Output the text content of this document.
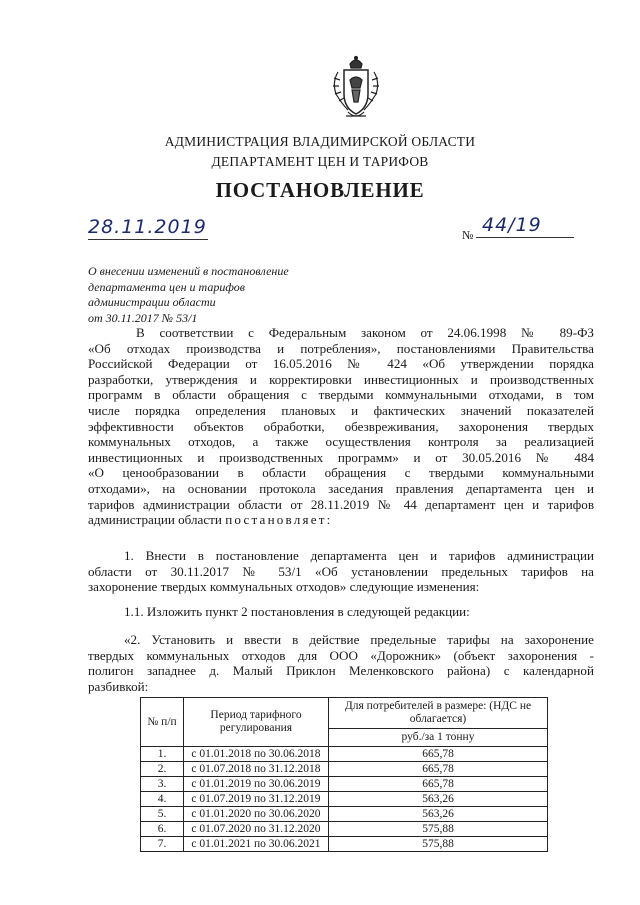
АДМИНИСТРАЦИЯ ВЛАДИМИРСКОЙ ОБЛАСТИ
ДЕПАРТАМЕНТ ЦЕН И ТАРИФОВ
ПОСТАНОВЛЕНИЕ
28.11.2019	№ 44/19
О внесении изменений в постановление
департамента цен и тарифов
администрации области
от 30.11.2017 № 53/1
В соответствии с Федеральным законом от 24.06.1998 № 89-ФЗ
«Об отходах производства и потребления», постановлениями Правительства
Российской Федерации от 16.05.2016 № 424 «Об утверждении порядка
разработки, утверждения и корректировки инвестиционных и производственных
программ в области обращения с твердыми коммунальными отходами, в том
числе порядка определения плановых и фактических значений показателей
эффективности объектов обработки, обезвреживания, захоронения твердых
коммунальных отходов, а также осуществления контроля за реализацией
инвестиционных и производственных программ» и от 30.05.2016 № 484
«О ценообразовании в области обращения с твердыми коммунальными
отходами», на основании протокола заседания правления департамента цен и
тарифов администрации области от 28.11.2019 № 44 департамент цен и тарифов
администрации области постановляет:
1. Внести в постановление департамента цен и тарифов администрации
области от 30.11.2017 № 53/1 «Об установлении предельных тарифов на
захоронение твердых коммунальных отходов» следующие изменения:
1.1. Изложить пункт 2 постановления в следующей редакции:
«2. Установить и ввести в действие предельные тарифы на захоронение
твердых коммунальных отходов для ООО «Дорожник» (объект захоронения -
полигон западнее д. Малый Приклон Меленковского района) с календарной
разбивкой:
№ п/п	Период тарифного регулирования	Для потребителей в размере: (НДС не облагается)
		руб./за 1 тонну
1.	с 01.01.2018 по 30.06.2018	665,78
2.	с 01.07.2018 по 31.12.2018	665,78
3.	с 01.01.2019 по 30.06.2019	665,78
4.	с 01.07.2019 по 31.12.2019	563,26
5.	с 01.01.2020 по 30.06.2020	563,26
6.	с 01.07.2020 по 31.12.2020	575,88
7.	с 01.01.2021 по 30.06.2021	575,88
